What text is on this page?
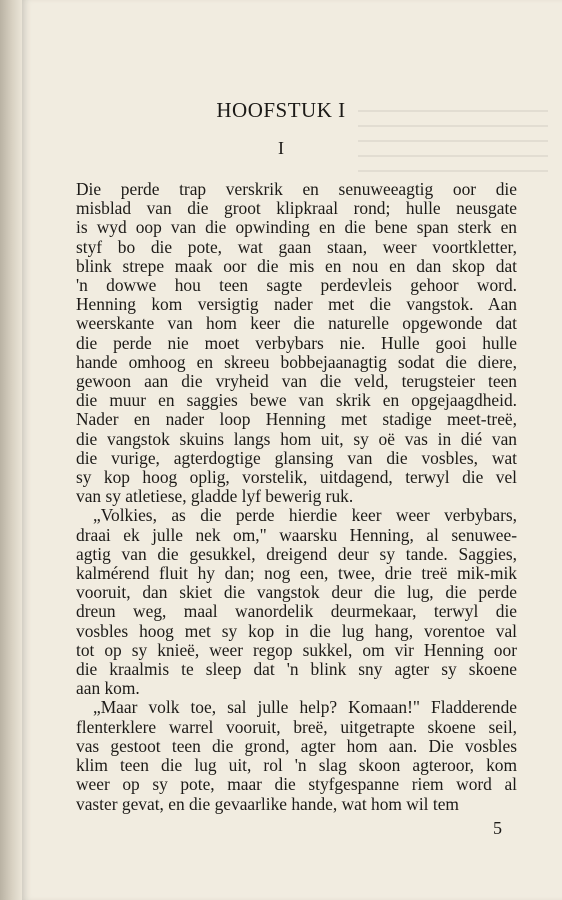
HOOFSTUK I
I

Die perde trap verskrik en senuweeagtig oor die
misblad van die groot klipkraal rond; hulle neusgate
is wyd oop van die opwinding en die bene span sterk en
styf bo die pote, wat gaan staan, weer voortkletter,
blink strepe maak oor die mis en nou en dan skop dat
'n dowwe hou teen sagte perdevleis gehoor word.
Henning kom versigtig nader met die vangstok. Aan
weerskante van hom keer die naturelle opgewonde dat
die perde nie moet verbybars nie. Hulle gooi hulle
hande omhoog en skreeu bobbejaanagtig sodat die diere,
gewoon aan die vryheid van die veld, terugsteier teen
die muur en saggies bewe van skrik en opgejaagdheid.
Nader en nader loop Henning met stadige meet-treë,
die vangstok skuins langs hom uit, sy oë vas in dié van
die vurige, agterdogtige glansing van die vosbles, wat
sy kop hoog oplig, vorstelik, uitdagend, terwyl die vel
van sy atletiese, gladde lyf bewerig ruk.

„Volkies, as die perde hierdie keer weer verbybars,
draai ek julle nek om," waarsku Henning, al senuwee-
agtig van die gesukkel, dreigend deur sy tande. Saggies,
kalmérend fluit hy dan; nog een, twee, drie treë mik-mik
vooruit, dan skiet die vangstok deur die lug, die perde
dreun weg, maal wanordelik deurmekaar, terwyl die
vosbles hoog met sy kop in die lug hang, vorentoe val
tot op sy knieë, weer regop sukkel, om vir Henning oor
die kraalmis te sleep dat 'n blink sny agter sy skoene
aan kom.

„Maar volk toe, sal julle help? Komaan!" Fladderende
flenterklere warrel vooruit, breë, uitgetrapte skoene seil,
vas gestoot teen die grond, agter hom aan. Die vosbles
klim teen die lug uit, rol 'n slag skoon agteroor, kom
weer op sy pote, maar die styfgespanne riem word al
vaster gevat, en die gevaarlike hande, wat hom wil tem

5
